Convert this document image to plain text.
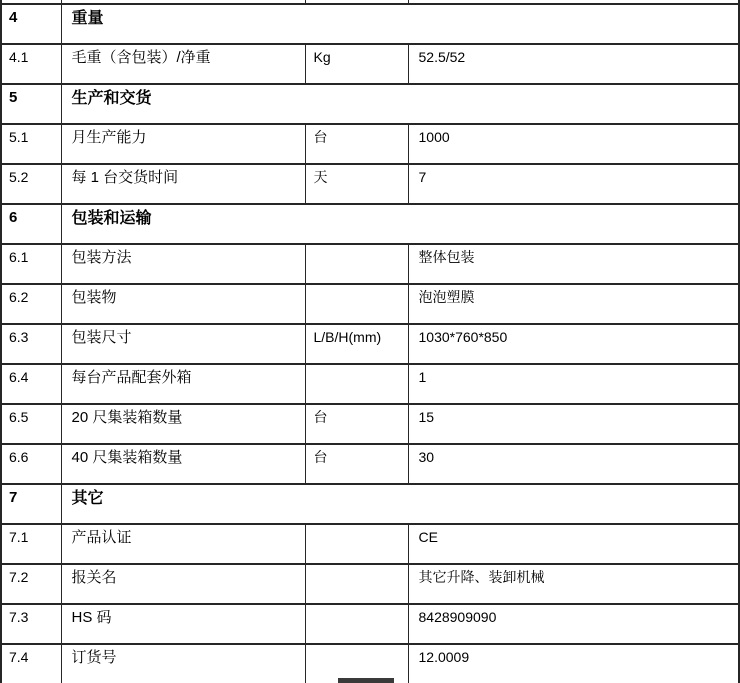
4	重量		
4.1	毛重（含包装）/净重	Kg	52.5/52
5	生产和交货		
5.1	月生产能力	台	1000
5.2	每 1 台交货时间	天	7
6	包装和运输		
6.1	包装方法		整体包装
6.2	包装物		泡泡塑膜
6.3	包装尺寸	L/B/H(mm)	1030*760*850
6.4	每台产品配套外箱		1
6.5	20 尺集装箱数量	台	15
6.6	40 尺集装箱数量	台	30
7	其它		
7.1	产品认证		CE
7.2	报关名		其它升降、装卸机械
7.3	HS 码		8428909090
7.4	订货号		12.0009
